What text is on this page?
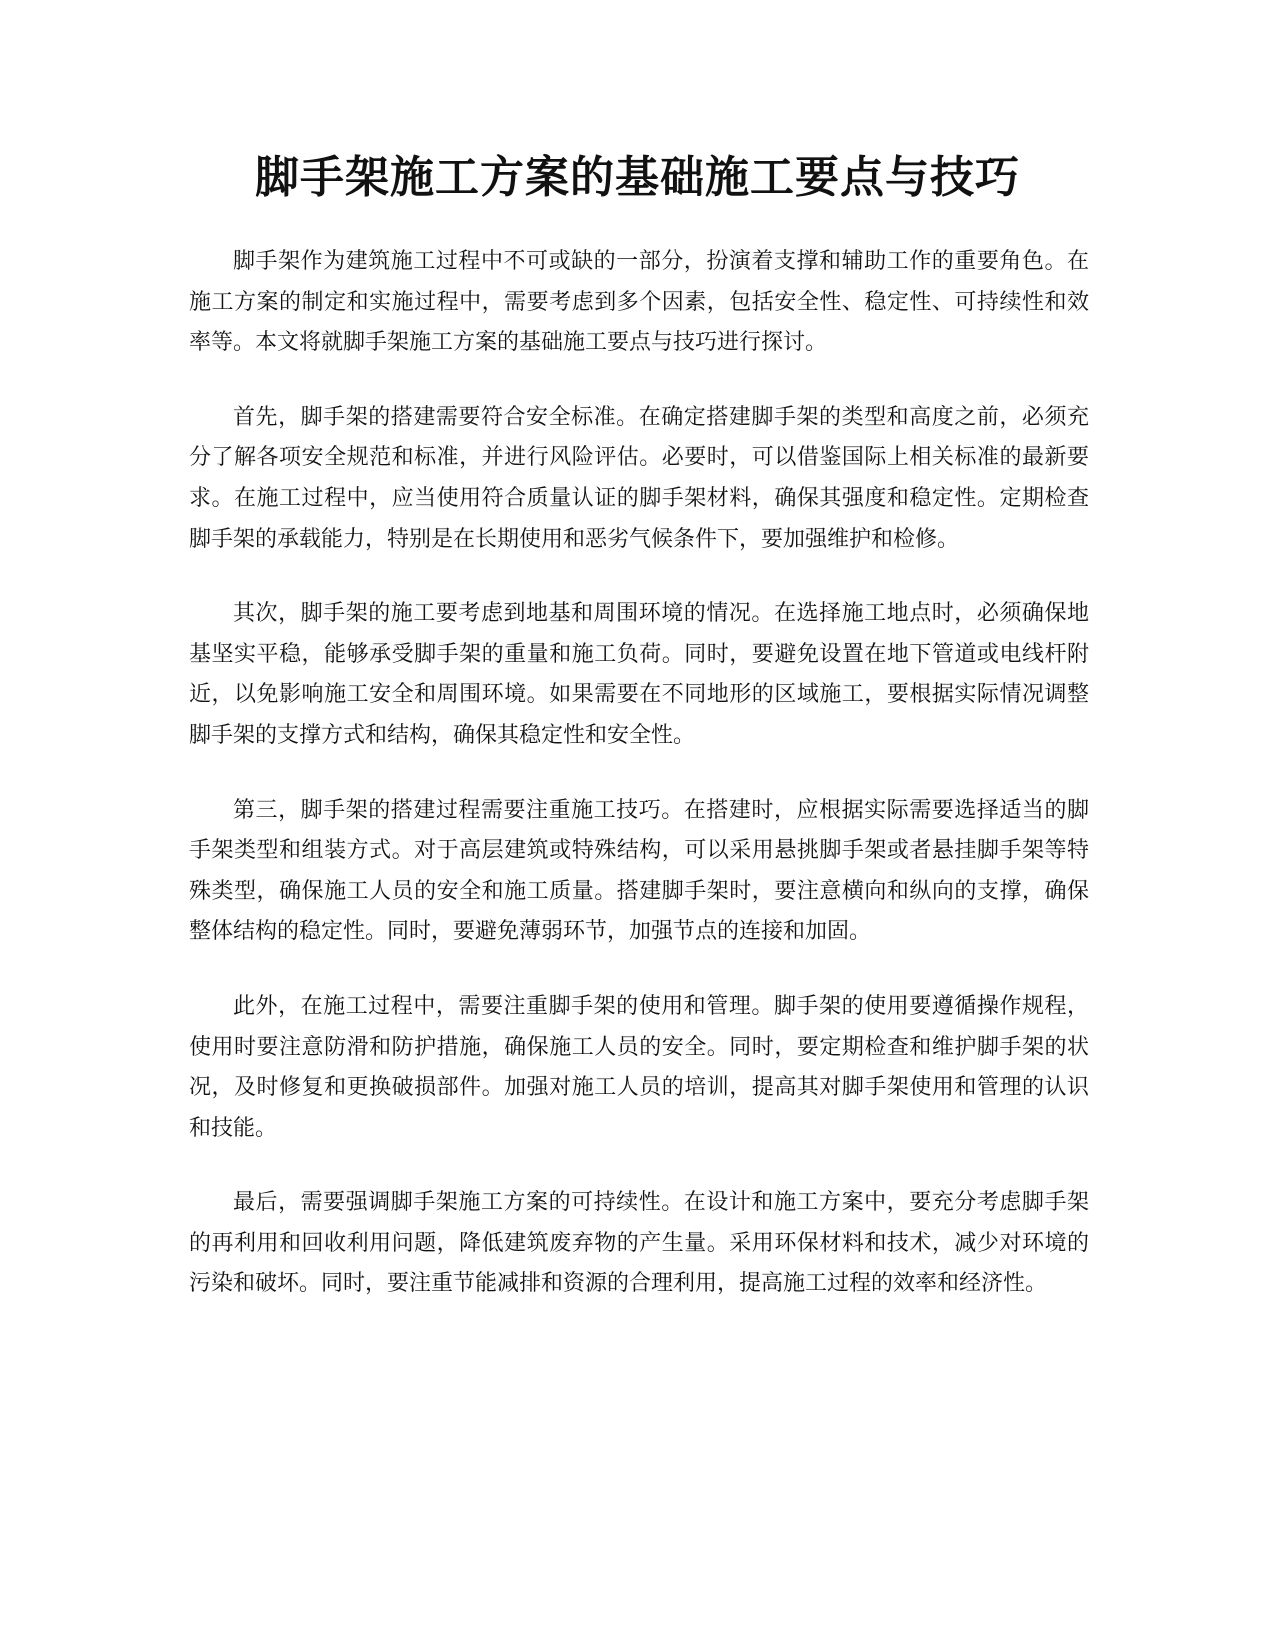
脚手架施工方案的基础施工要点与技巧

脚手架作为建筑施工过程中不可或缺的一部分，扮演着支撑和辅助工作的重要角色。在施工方案的制定和实施过程中，需要考虑到多个因素，包括安全性、稳定性、可持续性和效率等。本文将就脚手架施工方案的基础施工要点与技巧进行探讨。

首先，脚手架的搭建需要符合安全标准。在确定搭建脚手架的类型和高度之前，必须充分了解各项安全规范和标准，并进行风险评估。必要时，可以借鉴国际上相关标准的最新要求。在施工过程中，应当使用符合质量认证的脚手架材料，确保其强度和稳定性。定期检查脚手架的承载能力，特别是在长期使用和恶劣气候条件下，要加强维护和检修。

其次，脚手架的施工要考虑到地基和周围环境的情况。在选择施工地点时，必须确保地基坚实平稳，能够承受脚手架的重量和施工负荷。同时，要避免设置在地下管道或电线杆附近，以免影响施工安全和周围环境。如果需要在不同地形的区域施工，要根据实际情况调整脚手架的支撑方式和结构，确保其稳定性和安全性。

第三，脚手架的搭建过程需要注重施工技巧。在搭建时，应根据实际需要选择适当的脚手架类型和组装方式。对于高层建筑或特殊结构，可以采用悬挑脚手架或者悬挂脚手架等特殊类型，确保施工人员的安全和施工质量。搭建脚手架时，要注意横向和纵向的支撑，确保整体结构的稳定性。同时，要避免薄弱环节，加强节点的连接和加固。

此外，在施工过程中，需要注重脚手架的使用和管理。脚手架的使用要遵循操作规程，使用时要注意防滑和防护措施，确保施工人员的安全。同时，要定期检查和维护脚手架的状况，及时修复和更换破损部件。加强对施工人员的培训，提高其对脚手架使用和管理的认识和技能。

最后，需要强调脚手架施工方案的可持续性。在设计和施工方案中，要充分考虑脚手架的再利用和回收利用问题，降低建筑废弃物的产生量。采用环保材料和技术，减少对环境的污染和破坏。同时，要注重节能减排和资源的合理利用，提高施工过程的效率和经济性。
